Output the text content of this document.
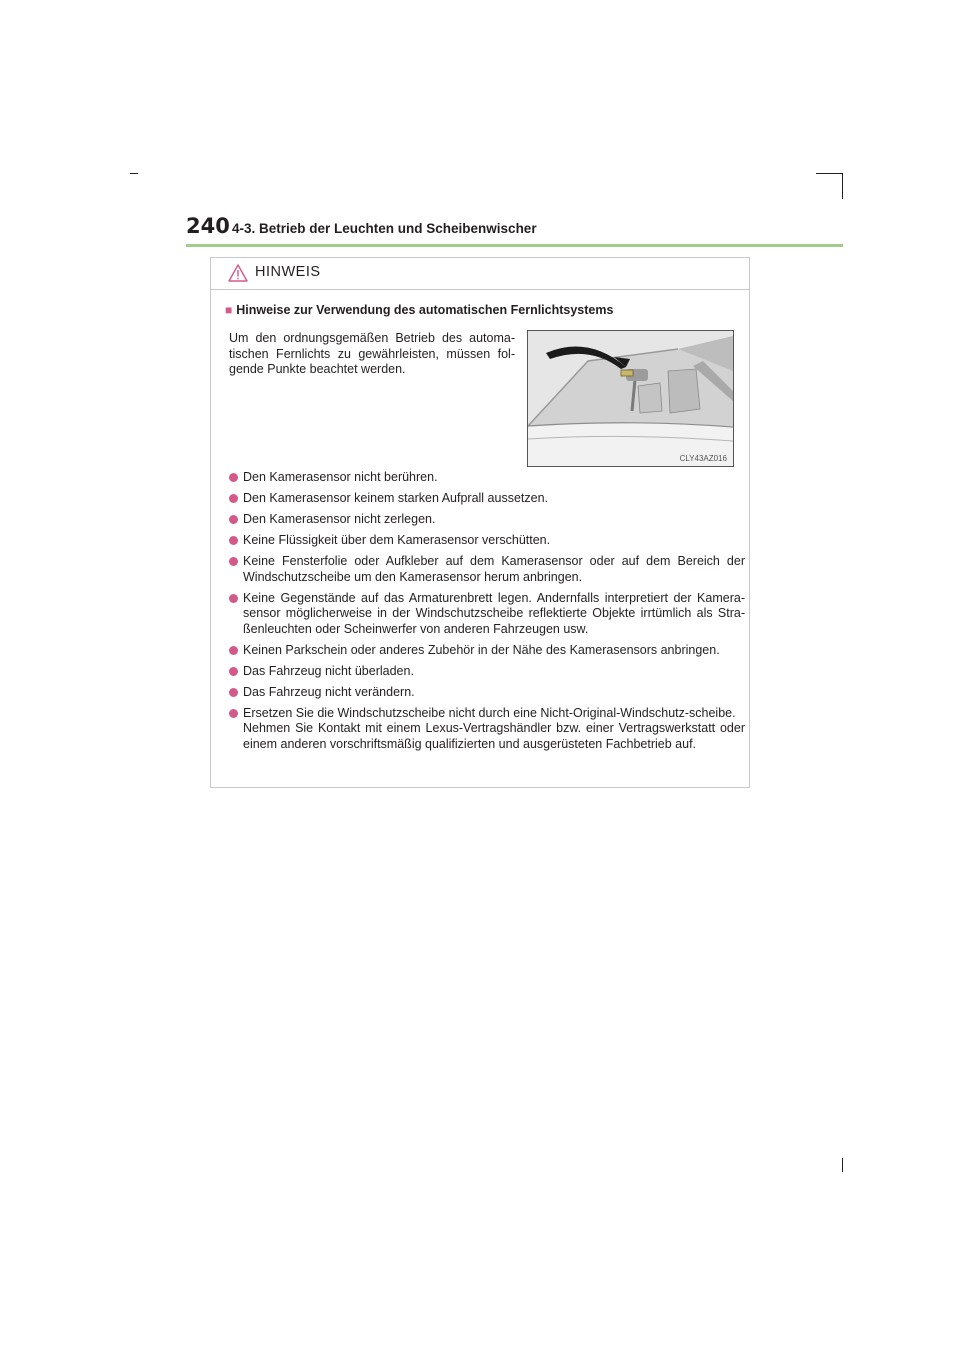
240 4-3. Betrieb der Leuchten und Scheibenwischer
HINWEIS
■ Hinweise zur Verwendung des automatischen Fernlichtsystems
Um den ordnungsgemäßen Betrieb des automa-tischen Fernlichts zu gewährleisten, müssen fol-gende Punkte beachtet werden.
CLY43AZ016
Den Kamerasensor nicht berühren.
Den Kamerasensor keinem starken Aufprall aussetzen.
Den Kamerasensor nicht zerlegen.
Keine Flüssigkeit über dem Kamerasensor verschütten.
Keine Fensterfolie oder Aufkleber auf dem Kamerasensor oder auf dem Bereich der Windschutzscheibe um den Kamerasensor herum anbringen.
Keine Gegenstände auf das Armaturenbrett legen. Andernfalls interpretiert der Kamera-sensor möglicherweise in der Windschutzscheibe reflektierte Objekte irrtümlich als Stra-ßenleuchten oder Scheinwerfer von anderen Fahrzeugen usw.
Keinen Parkschein oder anderes Zubehör in der Nähe des Kamerasensors anbringen.
Das Fahrzeug nicht überladen.
Das Fahrzeug nicht verändern.
Ersetzen Sie die Windschutzscheibe nicht durch eine Nicht-Original-Windschutz-scheibe.
Nehmen Sie Kontakt mit einem Lexus-Vertragshändler bzw. einer Vertragswerkstatt oder einem anderen vorschriftsmäßig qualifizierten und ausgerüsteten Fachbetrieb auf.
